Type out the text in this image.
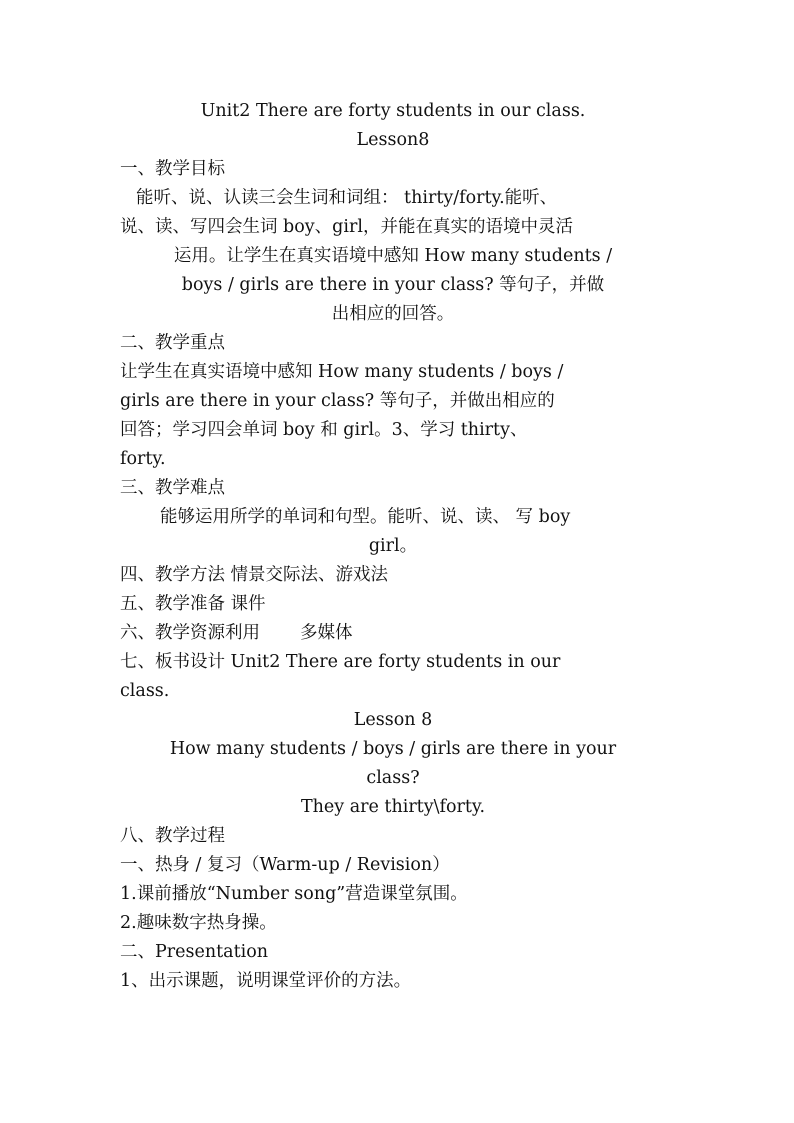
Unit2 There are forty students in our class.
Lesson8
一、教学目标
能听、说、认读三会生词和词组： thirty/forty.能听、
说、读、写四会生词 boy、girl，并能在真实的语境中灵活
运用。让学生在真实语境中感知 How many students /
boys / girls are there in your class? 等句子，并做
出相应的回答。
二、教学重点
让学生在真实语境中感知 How many students / boys /
girls are there in your class? 等句子，并做出相应的
回答；学习四会单词 boy 和 girl。3、学习 thirty、
forty.
三、教学难点
能够运用所学的单词和句型。能听、说、读、 写 boy
girl。
四、教学方法 情景交际法、游戏法
五、教学准备 课件
六、教学资源利用 多媒体
七、板书设计 Unit2 There are forty students in our
class.
Lesson 8
How many students / boys / girls are there in your
class?
They are thirty\forty.
八、教学过程
一、热身 / 复习（Warm-up / Revision）
1.课前播放“Number song”营造课堂氛围。
2.趣味数字热身操。
二、Presentation
1、出示课题，说明课堂评价的方法。
